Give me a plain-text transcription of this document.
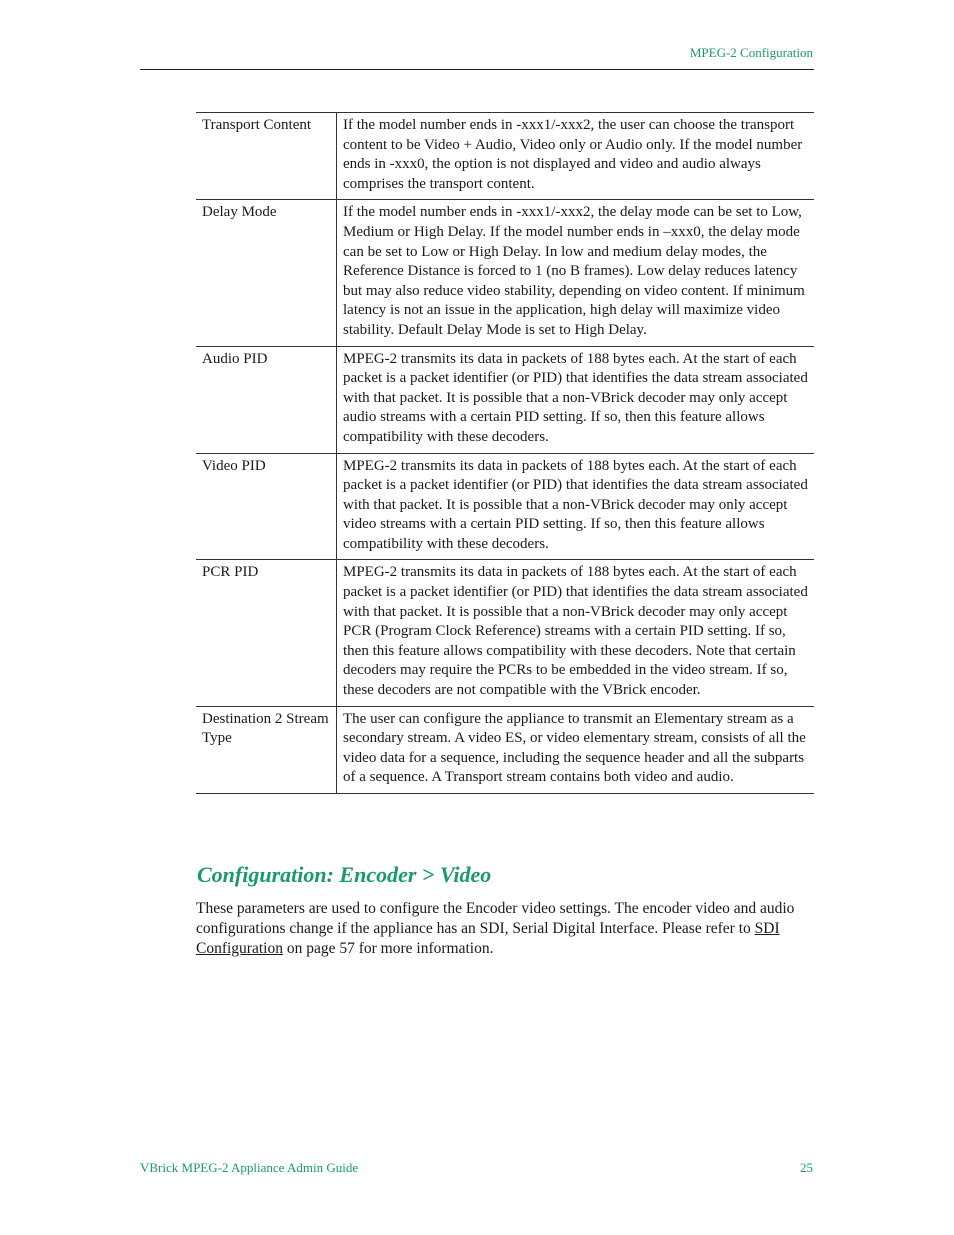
MPEG-2 Configuration
Transport Content	If the model number ends in -xxx1/-xxx2, the user can choose the transport content to be Video + Audio, Video only or Audio only. If the model number ends in -xxx0, the option is not displayed and video and audio always comprises the transport content.
Delay Mode	If the model number ends in -xxx1/-xxx2, the delay mode can be set to Low, Medium or High Delay. If the model number ends in –xxx0, the delay mode can be set to Low or High Delay. In low and medium delay modes, the Reference Distance is forced to 1 (no B frames). Low delay reduces latency but may also reduce video stability, depending on video content. If minimum latency is not an issue in the application, high delay will maximize video stability. Default Delay Mode is set to High Delay.
Audio PID	MPEG-2 transmits its data in packets of 188 bytes each. At the start of each packet is a packet identifier (or PID) that identifies the data stream associated with that packet. It is possible that a non-VBrick decoder may only accept audio streams with a certain PID setting. If so, then this feature allows compatibility with these decoders.
Video PID	MPEG-2 transmits its data in packets of 188 bytes each. At the start of each packet is a packet identifier (or PID) that identifies the data stream associated with that packet. It is possible that a non-VBrick decoder may only accept video streams with a certain PID setting. If so, then this feature allows compatibility with these decoders.
PCR PID	MPEG-2 transmits its data in packets of 188 bytes each. At the start of each packet is a packet identifier (or PID) that identifies the data stream associated with that packet. It is possible that a non-VBrick decoder may only accept PCR (Program Clock Reference) streams with a certain PID setting. If so, then this feature allows compatibility with these decoders. Note that certain decoders may require the PCRs to be embedded in the video stream. If so, these decoders are not compatible with the VBrick encoder.
Destination 2 Stream Type	The user can configure the appliance to transmit an Elementary stream as a secondary stream. A video ES, or video elementary stream, consists of all the video data for a sequence, including the sequence header and all the subparts of a sequence. A Transport stream contains both video and audio.
Configuration: Encoder > Video

These parameters are used to configure the Encoder video settings. The encoder video and audio configurations change if the appliance has an SDI, Serial Digital Interface. Please refer to SDI Configuration on page 57 for more information.

VBrick MPEG-2 Appliance Admin Guide	25
